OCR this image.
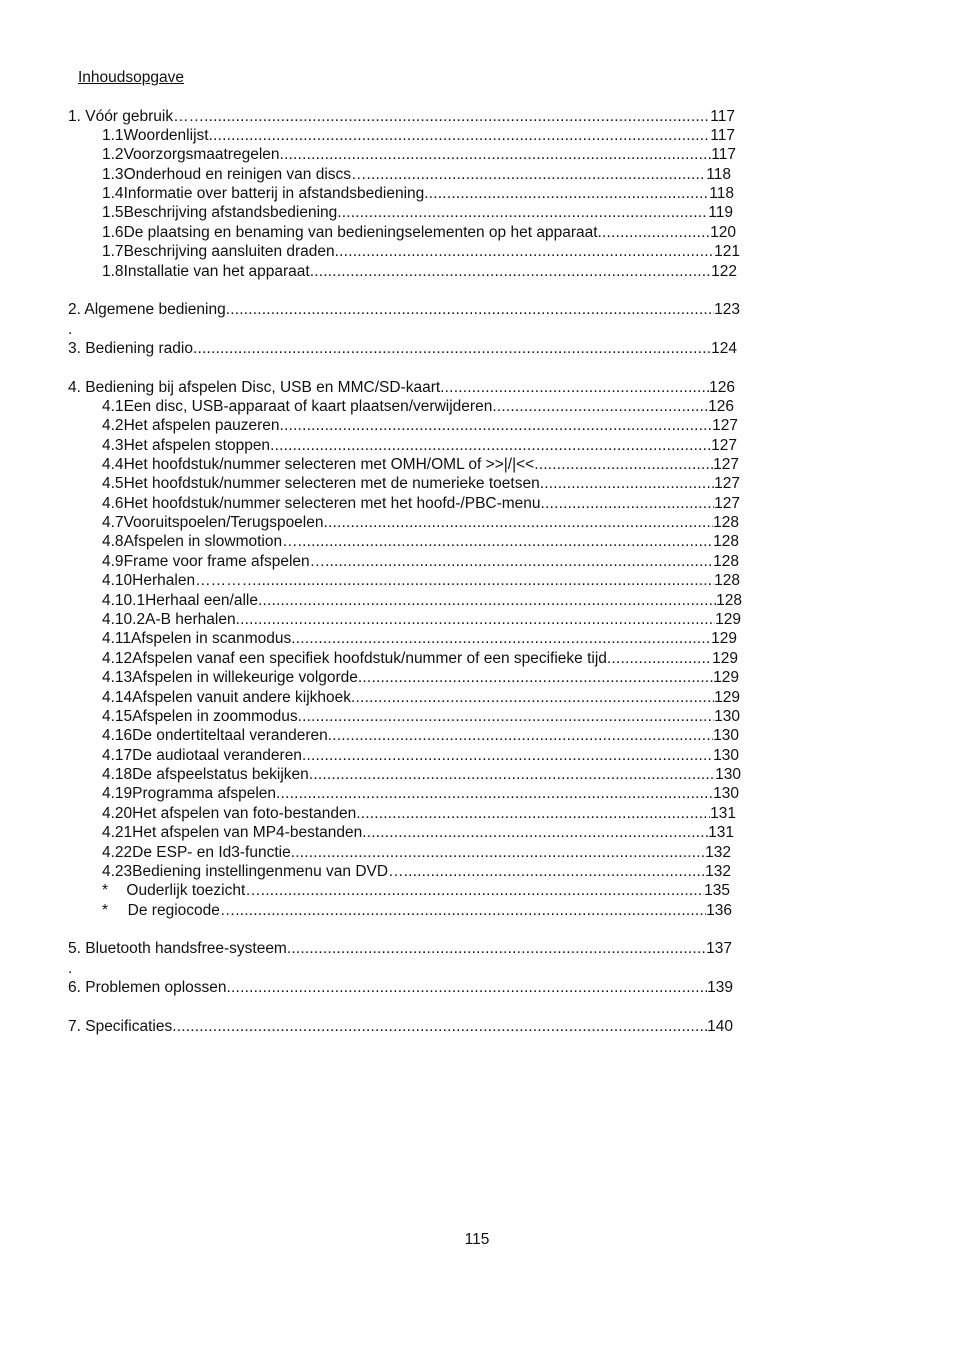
Inhoudsopgave
1. Vóór gebruik…… .....	117
1.1 Woordenlijst .....	117
1.2 Voorzorgsmaatregelen .....	117
1.3 Onderhoud en reinigen van discs… .....	118
1.4 Informatie over batterij in afstandsbediening .....	118
1.5 Beschrijving afstandsbediening .....	119
1.6 De plaatsing en benaming van bedieningselementen op het apparaat .....	120
1.7 Beschrijving aansluiten draden .....	121
1.8 Installatie van het apparaat .....	122
2. Algemene bediening .....	123
3. Bediening radio .....	124
4. Bediening bij afspelen Disc, USB en MMC/SD-kaart .....	126
4.1 Een disc, USB-apparaat of kaart plaatsen/verwijderen .....	126
4.2 Het afspelen pauzeren .....	127
4.3 Het afspelen stoppen .....	127
4.4 Het hoofdstuk/nummer selecteren met OMH/OML of >>|/|<< .....	127
4.5 Het hoofdstuk/nummer selecteren met de numerieke toetsen .....	127
4.6 Het hoofdstuk/nummer selecteren met het hoofd-/PBC-menu .....	127
4.7 Vooruitspoelen/Terugspoelen .....	128
4.8 Afspelen in slowmotion… .....	128
4.9 Frame voor frame afspelen…. .....	128
4.10 Herhalen………… .....	128
4.10.1 Herhaal een/alle .....	128
4.10.2 A-B herhalen .....	129
4.11 Afspelen in scanmodus .....	129
4.12 Afspelen vanaf een specifiek hoofdstuk/nummer of een specifieke tijd .....	129
4.13 Afspelen in willekeurige volgorde .....	129
4.14 Afspelen vanuit andere kijkhoek .....	129
4.15 Afspelen in zoommodus .....	130
4.16 De ondertiteltaal veranderen .....	130
4.17 De audiotaal veranderen .....	130
4.18 De afspeelstatus bekijken .....	130
4.19 Programma afspelen .....	130
4.20 Het afspelen van foto-bestanden .....	131
4.21 Het afspelen van MP4-bestanden .....	131
4.22 De ESP- en Id3-functie .....	132
4.23 Bediening instellingenmenu van DVD… .....	132
*	Ouderlijk toezicht… .....	135
*	De regiocode…. .....	136
5. Bluetooth handsfree-systeem .....	137
6. Problemen oplossen .....	139
7. Specificaties .....	140
.
.
115
